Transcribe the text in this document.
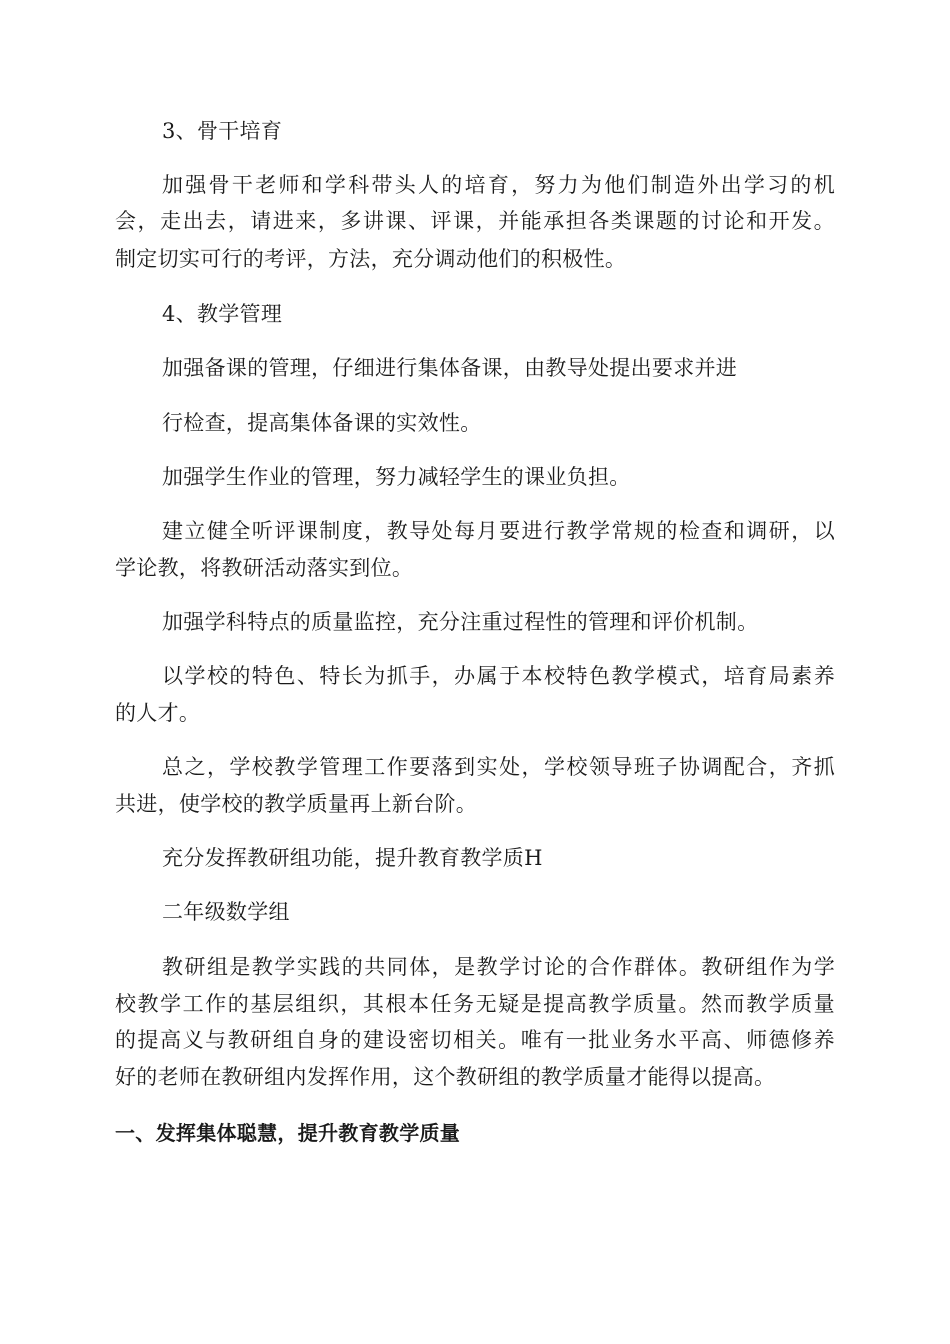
3、骨干培育
加强骨干老师和学科带头人的培育，努力为他们制造外出学习的机
会，走出去，请进来，多讲课、评课，并能承担各类课题的讨论和开发。
制定切实可行的考评，方法，充分调动他们的积极性。
4、教学管理
加强备课的管理，仔细进行集体备课，由教导处提出要求并进
行检查，提高集体备课的实效性。
加强学生作业的管理，努力减轻学生的课业负担。
建立健全听评课制度，教导处每月要进行教学常规的检查和调研，以
学论教，将教研活动落实到位。
加强学科特点的质量监控，充分注重过程性的管理和评价机制。
以学校的特色、特长为抓手，办属于本校特色教学模式，培育局素养
的人才。
总之，学校教学管理工作要落到实处，学校领导班子协调配合，齐抓
共进，使学校的教学质量再上新台阶。
充分发挥教研组功能，提升教育教学质H
二年级数学组
教研组是教学实践的共同体，是教学讨论的合作群体。教研组作为学
校教学工作的基层组织，其根本任务无疑是提高教学质量。然而教学质量
的提高义与教研组自身的建设密切相关。唯有一批业务水平高、师德修养
好的老师在教研组内发挥作用，这个教研组的教学质量才能得以提高。
一、发挥集体聪慧，提升教育教学质量
